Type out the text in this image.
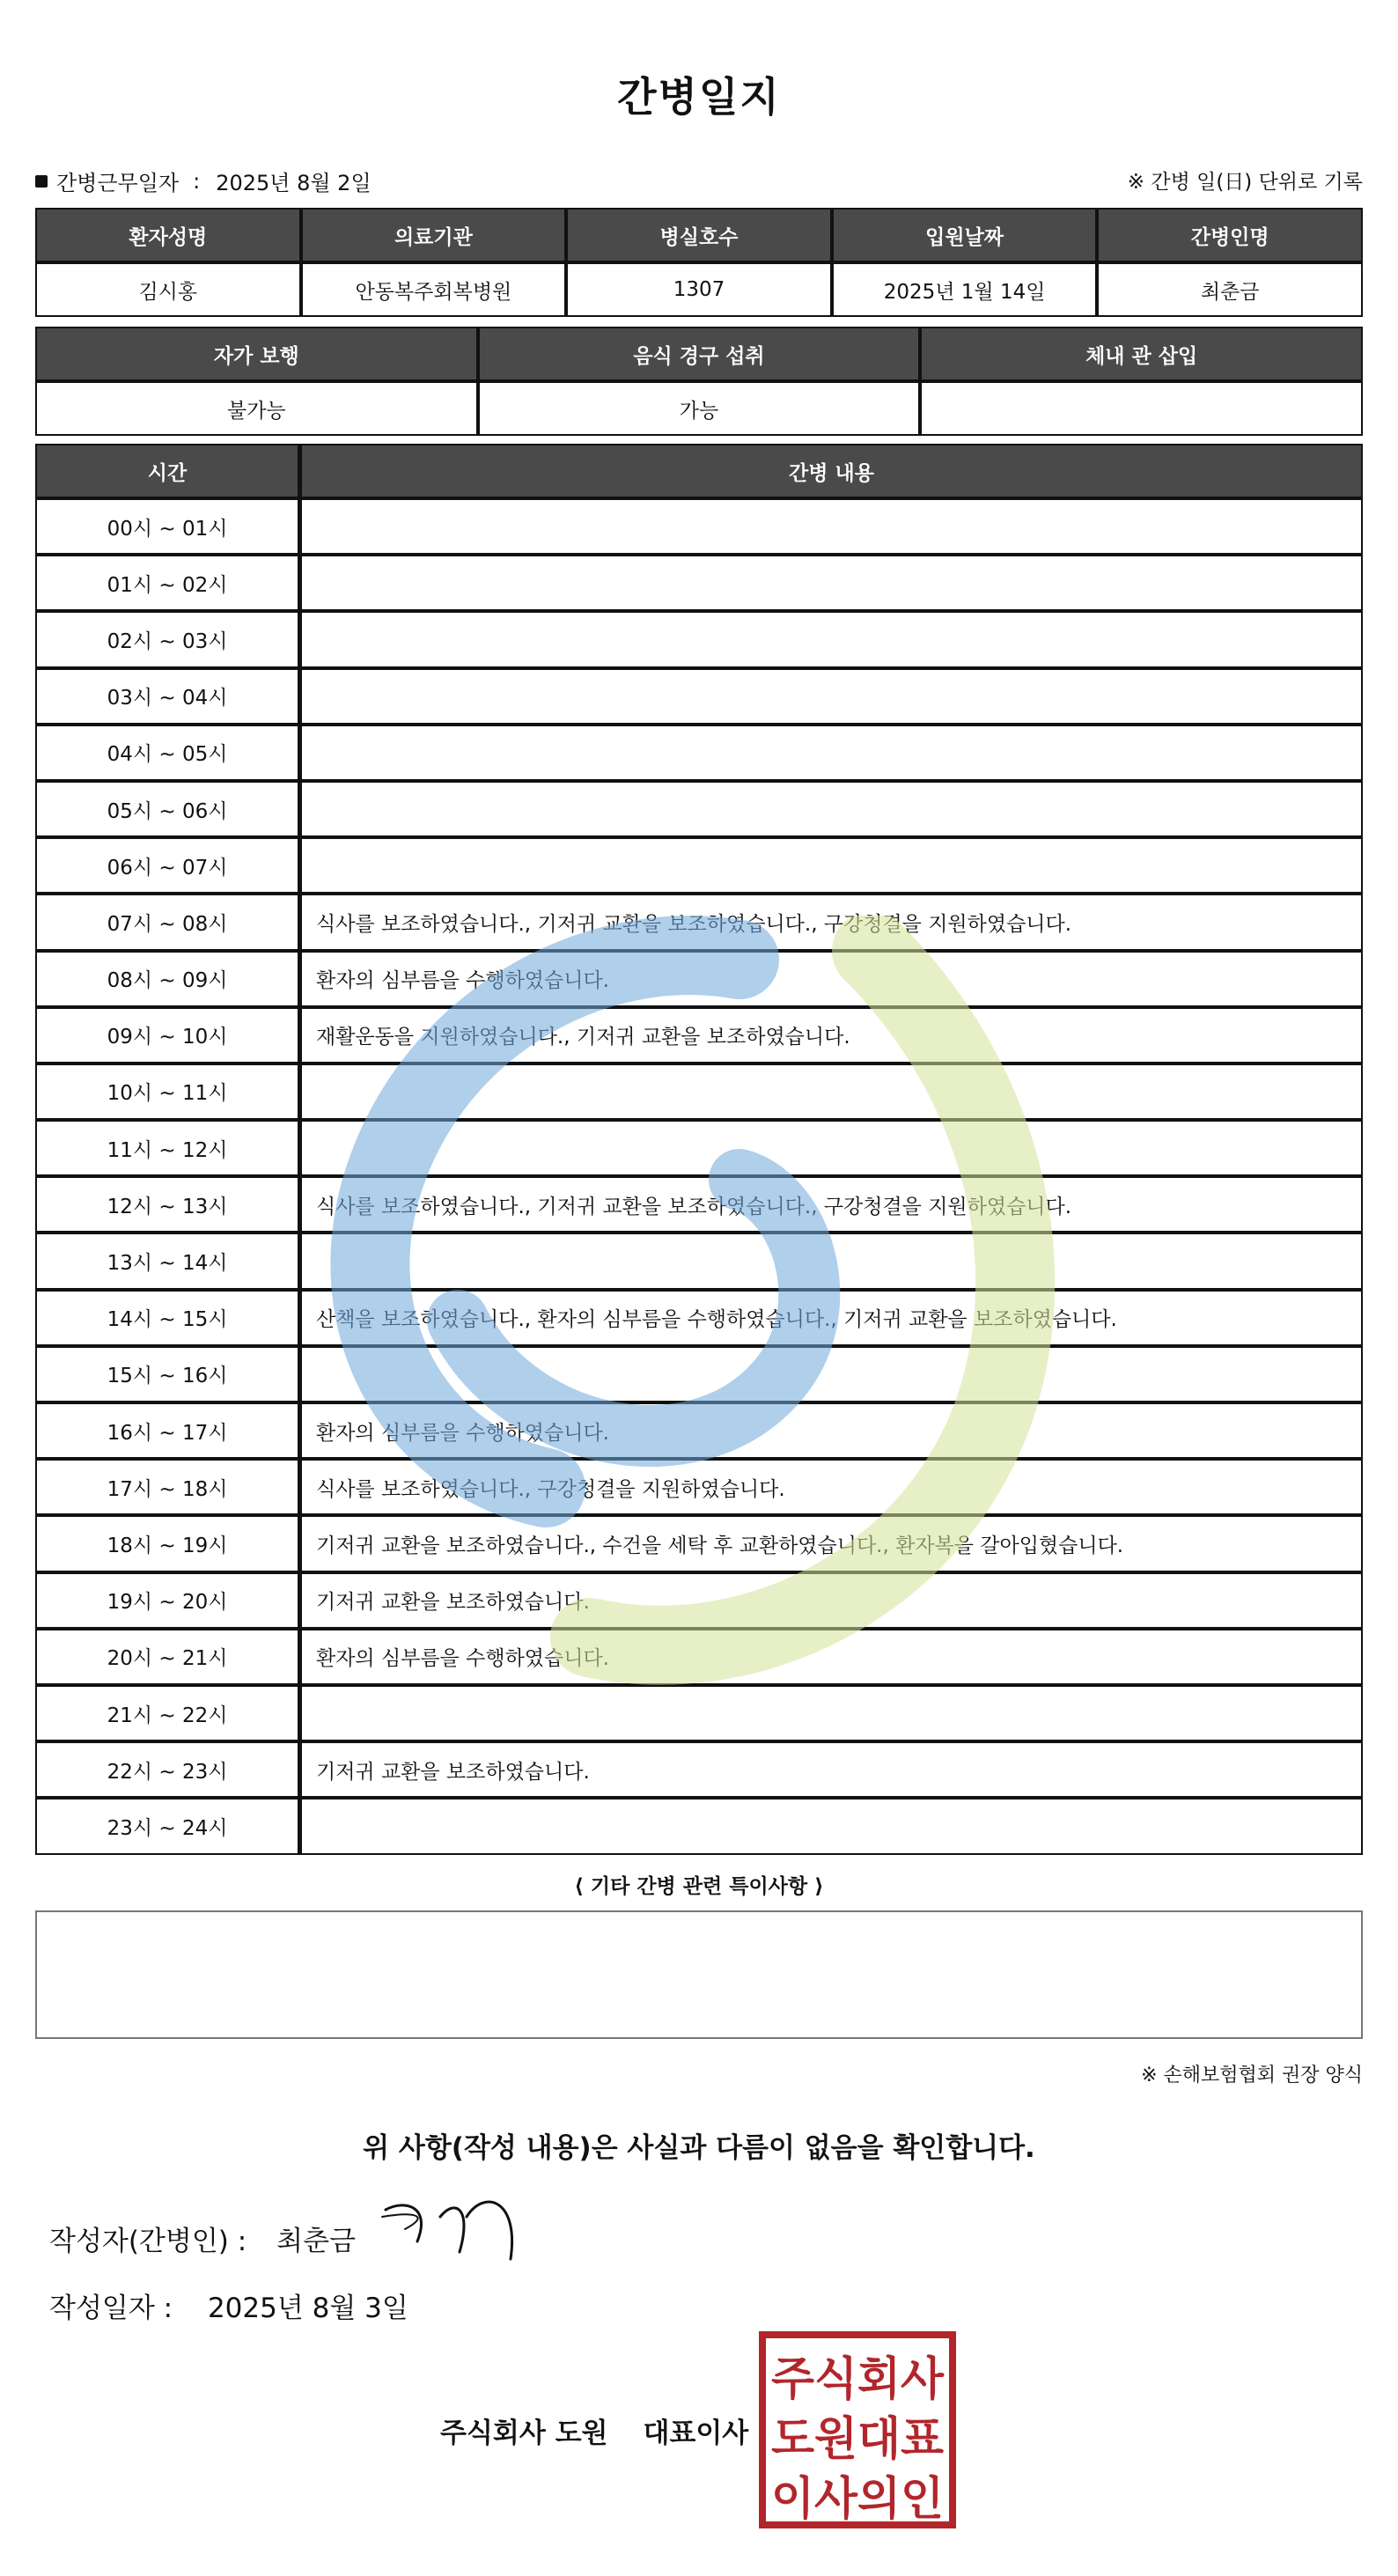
간병일지
간병근무일자 : 2025년 8월 2일	※ 간병 일(日) 단위로 기록
환자성명	의료기관	병실호수	입원날짜	간병인명
김시홍	안동복주회복병원	1307	2025년 1월 14일	최춘금
자가 보행	음식 경구 섭취	체내 관 삽입
불가능	가능	
시간	간병 내용
00시 ~ 01시	
01시 ~ 02시	
02시 ~ 03시	
03시 ~ 04시	
04시 ~ 05시	
05시 ~ 06시	
06시 ~ 07시	
07시 ~ 08시	식사를 보조하였습니다., 기저귀 교환을 보조하였습니다., 구강청결을 지원하였습니다.
08시 ~ 09시	환자의 심부름을 수행하였습니다.
09시 ~ 10시	재활운동을 지원하였습니다., 기저귀 교환을 보조하였습니다.
10시 ~ 11시	
11시 ~ 12시	
12시 ~ 13시	식사를 보조하였습니다., 기저귀 교환을 보조하였습니다., 구강청결을 지원하였습니다.
13시 ~ 14시	
14시 ~ 15시	산책을 보조하였습니다., 환자의 심부름을 수행하였습니다., 기저귀 교환을 보조하였습니다.
15시 ~ 16시	
16시 ~ 17시	환자의 심부름을 수행하였습니다.
17시 ~ 18시	식사를 보조하였습니다., 구강청결을 지원하였습니다.
18시 ~ 19시	기저귀 교환을 보조하였습니다., 수건을 세탁 후 교환하였습니다., 환자복을 갈아입혔습니다.
19시 ~ 20시	기저귀 교환을 보조하였습니다.
20시 ~ 21시	환자의 심부름을 수행하였습니다.
21시 ~ 22시	
22시 ~ 23시	기저귀 교환을 보조하였습니다.
23시 ~ 24시	
⟨ 기타 간병 관련 특이사항 ⟩
※ 손해보험협회 권장 양식
위 사항(작성 내용)은 사실과 다름이 없음을 확인합니다.
작성자(간병인) : 최춘금
작성일자 : 2025년 8월 3일
주식회사 도원 대표이사
주식회사
도원대표
이사의인
